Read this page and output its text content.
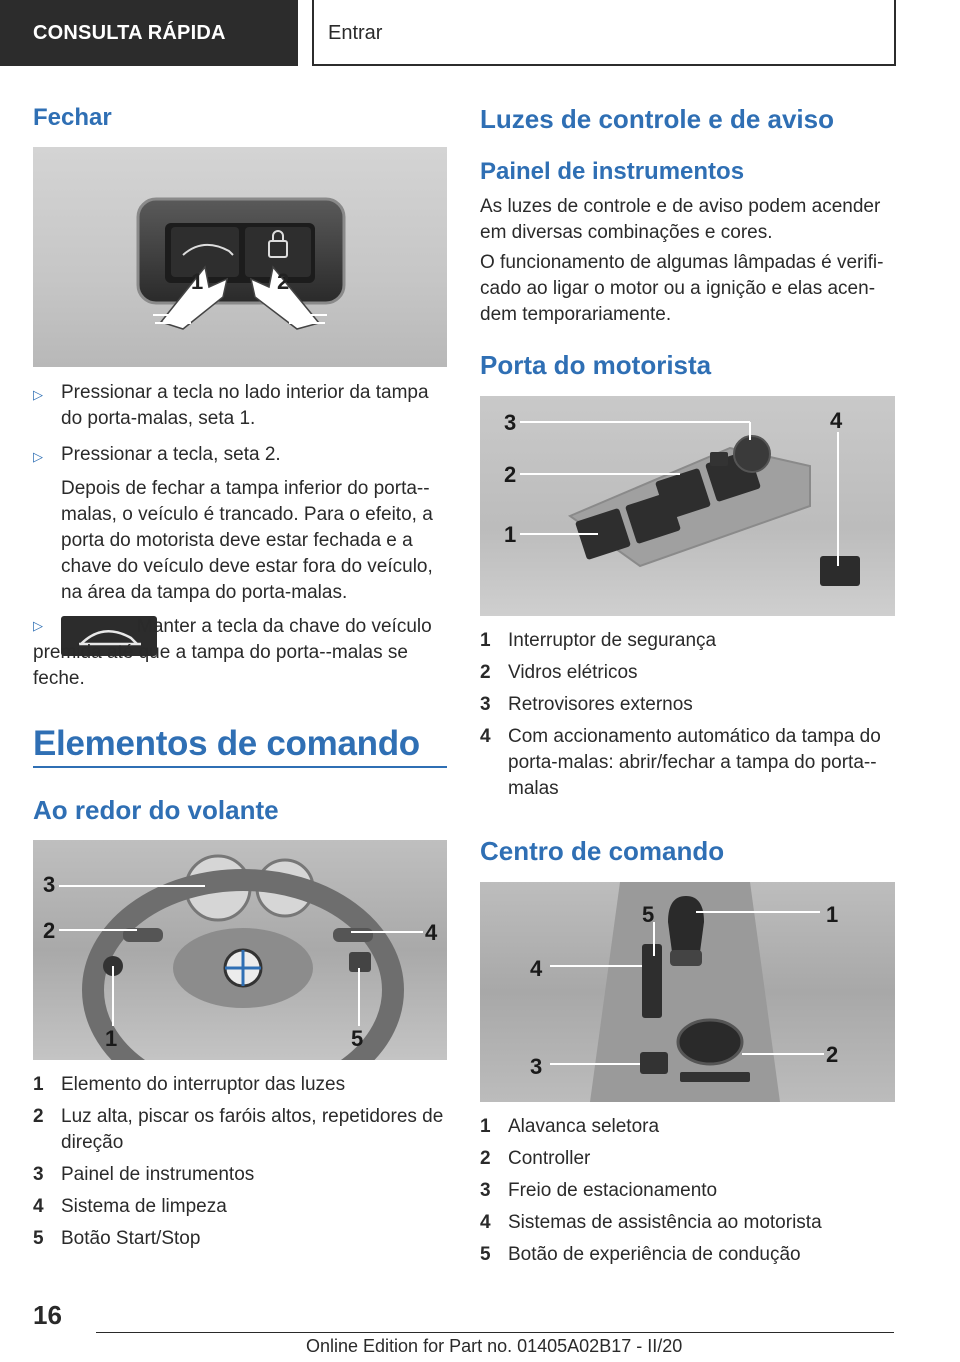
CONSULTA RÁPIDA	Entrar
Fechar
1	2
▷ Pressionar a tecla no lado interior da tampa do porta-malas, seta 1.
▷ Pressionar a tecla, seta 2.
Depois de fechar a tampa inferior do porta--malas, o veículo é trancado. Para o efeito, a porta do motorista deve estar fechada e a chave do veículo deve estar fora do veículo, na área da tampa do porta-malas.
▷	Manter a tecla da chave do veículo premida até que a tampa do porta--malas se feche.
Elementos de comando
Ao redor do volante
3
2
1	5
4
1 Elemento do interruptor das luzes
2 Luz alta, piscar os faróis altos, repetidores de direção
3 Painel de instrumentos
4 Sistema de limpeza
5 Botão Start/Stop
Luzes de controle e de aviso
Painel de instrumentos
As luzes de controle e de aviso podem acender em diversas combinações e cores.
O funcionamento de algumas lâmpadas é verificado ao ligar o motor ou a ignição e elas acendem temporariamente.
Porta do motorista
3
2
1
4
1 Interruptor de segurança
2 Vidros elétricos
3 Retrovisores externos
4 Com accionamento automático da tampa do porta-malas: abrir/fechar a tampa do porta--malas
Centro de comando
5	1
4
3	2
1 Alavanca seletora
2 Controller
3 Freio de estacionamento
4 Sistemas de assistência ao motorista
5 Botão de experiência de condução
16
Online Edition for Part no. 01405A02B17 - II/20
